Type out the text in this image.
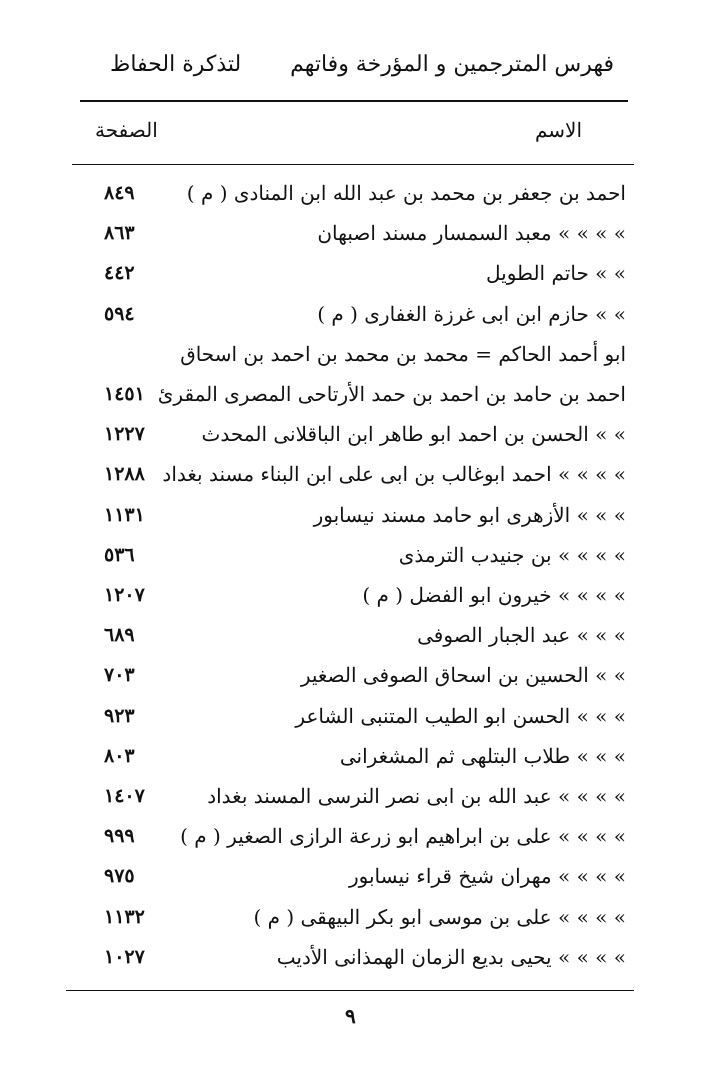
فهرس المترجمين و المؤرخة وفاتهم
لتذكرة الحفاظ
الاسم
الصفحة
احمد بن جعفر بن محمد بن عبد الله ابن المنادى ( م )
٨٤٩
» » » » معبد السمسار مسند اصبهان
٨٦٣
» » حاتم الطويل
٤٤٢
» » حازم ابن ابى غرزة الغفارى ( م )
٥٩٤
ابو أحمد الحاكم = محمد بن محمد بن احمد بن اسحاق
احمد بن حامد بن احمد بن حمد الأرتاحى المصرى المقرئ
١٤٥١
» » الحسن بن احمد ابو طاهر ابن الباقلانى المحدث
١٢٢٧
» » » » احمد ابوغالب بن ابى على ابن البناء مسند بغداد
١٢٨٨
» » » الأزهرى ابو حامد مسند نيسابور
١١٣١
» » » » بن جنيدب الترمذى
٥٣٦
» » » » خيرون ابو الفضل ( م )
١٢٠٧
» » » عبد الجبار الصوفى
٦٨٩
» » الحسين بن اسحاق الصوفى الصغير
٧٠٣
» » » الحسن ابو الطيب المتنبى الشاعر
٩٢٣
» » » طلاب البتلهى ثم المشغرانى
٨٠٣
» » » » عبد الله بن ابى نصر النرسى المسند بغداد
١٤٠٧
» » » » على بن ابراهيم ابو زرعة الرازى الصغير ( م )
٩٩٩
» » » » مهران شيخ قراء نيسابور
٩٧٥
» » » » على بن موسى ابو بكر البيهقى ( م )
١١٣٢
» » » » يحيى بديع الزمان الهمذانى الأديب
١٠٢٧
٩
